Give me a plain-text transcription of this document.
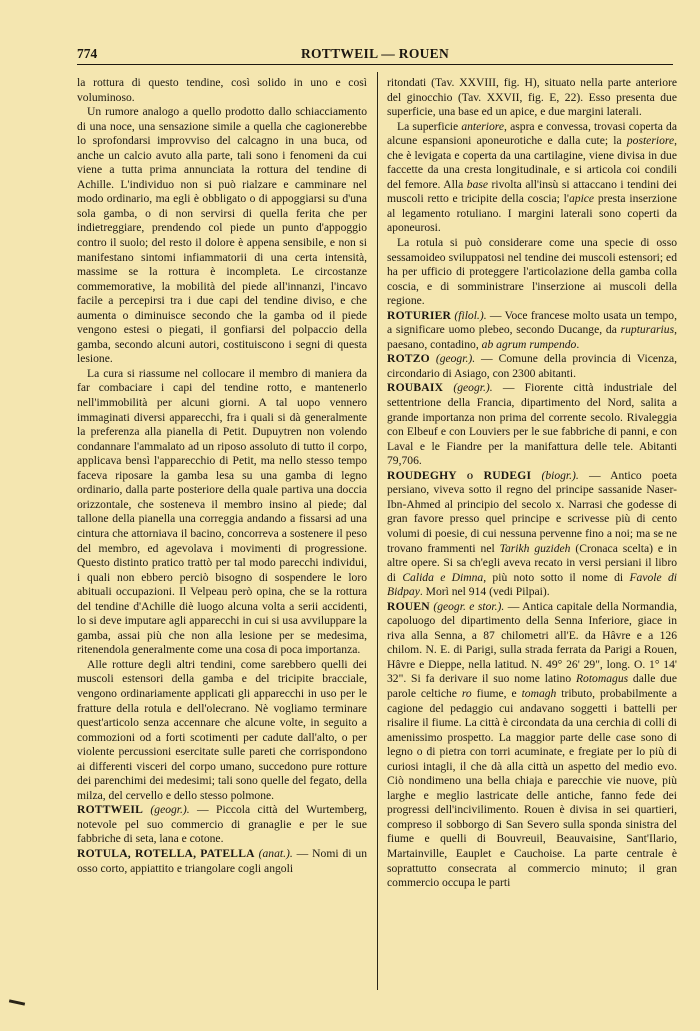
774	ROTTWEIL — ROUEN

la rottura di questo tendine, così solido in uno e così voluminoso.

Un rumore analogo a quello prodotto dallo schiacciamento di una noce, una sensazione simile a quella che cagionerebbe lo sprofondarsi improvviso del calcagno in una buca, od anche un calcio avuto alla parte, tali sono i fenomeni da cui viene a tutta prima annunciata la rottura del tendine di Achille. L'individuo non si può rialzare e camminare nel modo ordinario, ma egli è obbligato o di appoggiarsi su d'una sola gamba, o di non servirsi di quella ferita che per indietreggiare, prendendo col piede un punto d'appoggio contro il suolo; del resto il dolore è appena sensibile, e non si manifestano sintomi infiammatorii di una certa intensità, massime se la rottura è incompleta. Le circostanze commemorative, la mobilità del piede all'innanzi, l'incavo facile a percepirsi tra i due capi del tendine diviso, e che aumenta o diminuisce secondo che la gamba od il piede vengono estesi o piegati, il gonfiarsi del polpaccio della gamba, secondo alcuni autori, costituiscono i segni di questa lesione.

La cura si riassume nel collocare il membro di maniera da far combaciare i capi del tendine rotto, e mantenerlo nell'immobilità per alcuni giorni. A tal uopo vennero immaginati diversi apparecchi, fra i quali si dà generalmente la preferenza alla pianella di Petit. Dupuytren non volendo condannare l'ammalato ad un riposo assoluto di tutto il corpo, applicava bensì l'apparecchio di Petit, ma nello stesso tempo faceva riposare la gamba lesa su una gamba di legno ordinario, dalla parte posteriore della quale partiva una doccia orizzontale, che sosteneva il membro insino al piede; dal tallone della pianella una correggia andando a fissarsi ad una cintura che attorniava il bacino, concorreva a sostenere il peso del membro, ed agevolava i movimenti di progressione. Questo distinto pratico trattò per tal modo parecchi individui, i quali non ebbero perciò bisogno di sospendere le loro abituali occupazioni. Il Velpeau però opina, che se la rottura del tendine d'Achille diè luogo alcuna volta a serii accidenti, lo si deve imputare agli apparecchi in cui si usa avviluppare la gamba, assai più che non alla lesione per se medesima, ritenendola generalmente come una cosa di poca importanza.

Alle rotture degli altri tendini, come sarebbero quelli dei muscoli estensori della gamba e del tricipite bracciale, vengono ordinariamente applicati gli apparecchi in uso per le fratture della rotula e dell'olecrano. Nè vogliamo terminare quest'articolo senza accennare che alcune volte, in seguito a commozioni od a forti scotimenti per cadute dall'alto, o per violente percussioni esercitate sulle pareti che corrispondono ai differenti visceri del corpo umano, succedono pure rotture dei parenchimi dei medesimi; tali sono quelle del fegato, della milza, del cervello e dello stesso polmone.

ROTTWEIL (geogr.). — Piccola città del Wurtemberg, notevole pel suo commercio di granaglie e per le sue fabbriche di seta, lana e cotone.

ROTULA, ROTELLA, PATELLA (anat.). — Nomi di un osso corto, appiattito e triangolare cogli angoli

ritondati (Tav. XXVIII, fig. H), situato nella parte anteriore del ginocchio (Tav. XXVII, fig. E, 22). Esso presenta due superficie, una base ed un apice, e due margini laterali.

La superficie anteriore, aspra e convessa, trovasi coperta da alcune espansioni aponeurotiche e dalla cute; la posteriore, che è levigata e coperta da una cartilagine, viene divisa in due faccette da una cresta longitudinale, e si articola coi condili del femore. Alla base rivolta all'insù si attaccano i tendini dei muscoli retto e tricipite della coscia; l'apice presta inserzione al legamento rotuliano. I margini laterali sono coperti da aponeurosi.

La rotula si può considerare come una specie di osso sessamoideo sviluppatosi nel tendine dei muscoli estensori; ed ha per ufficio di proteggere l'articolazione della gamba colla coscia, e di somministrare l'inserzione ai muscoli della regione.

ROTURIER (filol.). — Voce francese molto usata un tempo, a significare uomo plebeo, secondo Ducange, da rupturarius, paesano, contadino, ab agrum rumpendo.

ROTZO (geogr.). — Comune della provincia di Vicenza, circondario di Asiago, con 2300 abitanti.

ROUBAIX (geogr.). — Fiorente città industriale del settentrione della Francia, dipartimento del Nord, salita a grande importanza non prima del corrente secolo. Rivaleggia con Elbeuf e con Louviers per le sue fabbriche di panni, e con Laval e le Fiandre per la manifattura delle tele. Abitanti 79,706.

ROUDEGHY o RUDEGI (biogr.). — Antico poeta persiano, viveva sotto il regno del principe sassanide Naser-Ibn-Ahmed al principio del secolo x. Narrasi che godesse di gran favore presso quel principe e scrivesse più di cento volumi di poesie, di cui nessuna pervenne fino a noi; ma se ne trovano frammenti nel Tarikh guzideh (Cronaca scelta) e in altre opere. Si sa ch'egli aveva recato in versi persiani il libro di Calida e Dimna, più noto sotto il nome di Favole di Bidpay. Morì nel 914 (vedi Pilpai).

ROUEN (geogr. e stor.). — Antica capitale della Normandia, capoluogo del dipartimento della Senna Inferiore, giace in riva alla Senna, a 87 chilometri all'E. da Hâvre e a 126 chilom. N. E. di Parigi, sulla strada ferrata da Parigi a Rouen, Hâvre e Dieppe, nella latitud. N. 49° 26' 29", long. O. 1° 14' 32". Si fa derivare il suo nome latino Rotomagus dalle due parole celtiche ro fiume, e tomagh tributo, probabilmente a cagione del pedaggio cui andavano soggetti i battelli per risalire il fiume. La città è circondata da una cerchia di colli di amenissimo prospetto. La maggior parte delle case sono di legno o di pietra con torri acuminate, e fregiate per lo più di curiosi intagli, il che dà alla città un aspetto del medio evo. Ciò nondimeno una bella chiaja e parecchie vie nuove, più larghe e meglio lastricate delle antiche, fanno fede dei progressi dell'incivilimento. Rouen è divisa in sei quartieri, compreso il sobborgo di San Severo sulla sponda sinistra del fiume e quelli di Bouvreuil, Beauvaisine, Sant'Ilario, Martainville, Eauplet e Cauchoise. La parte centrale è soprattutto consecrata al commercio minuto; il gran commercio occupa le parti
